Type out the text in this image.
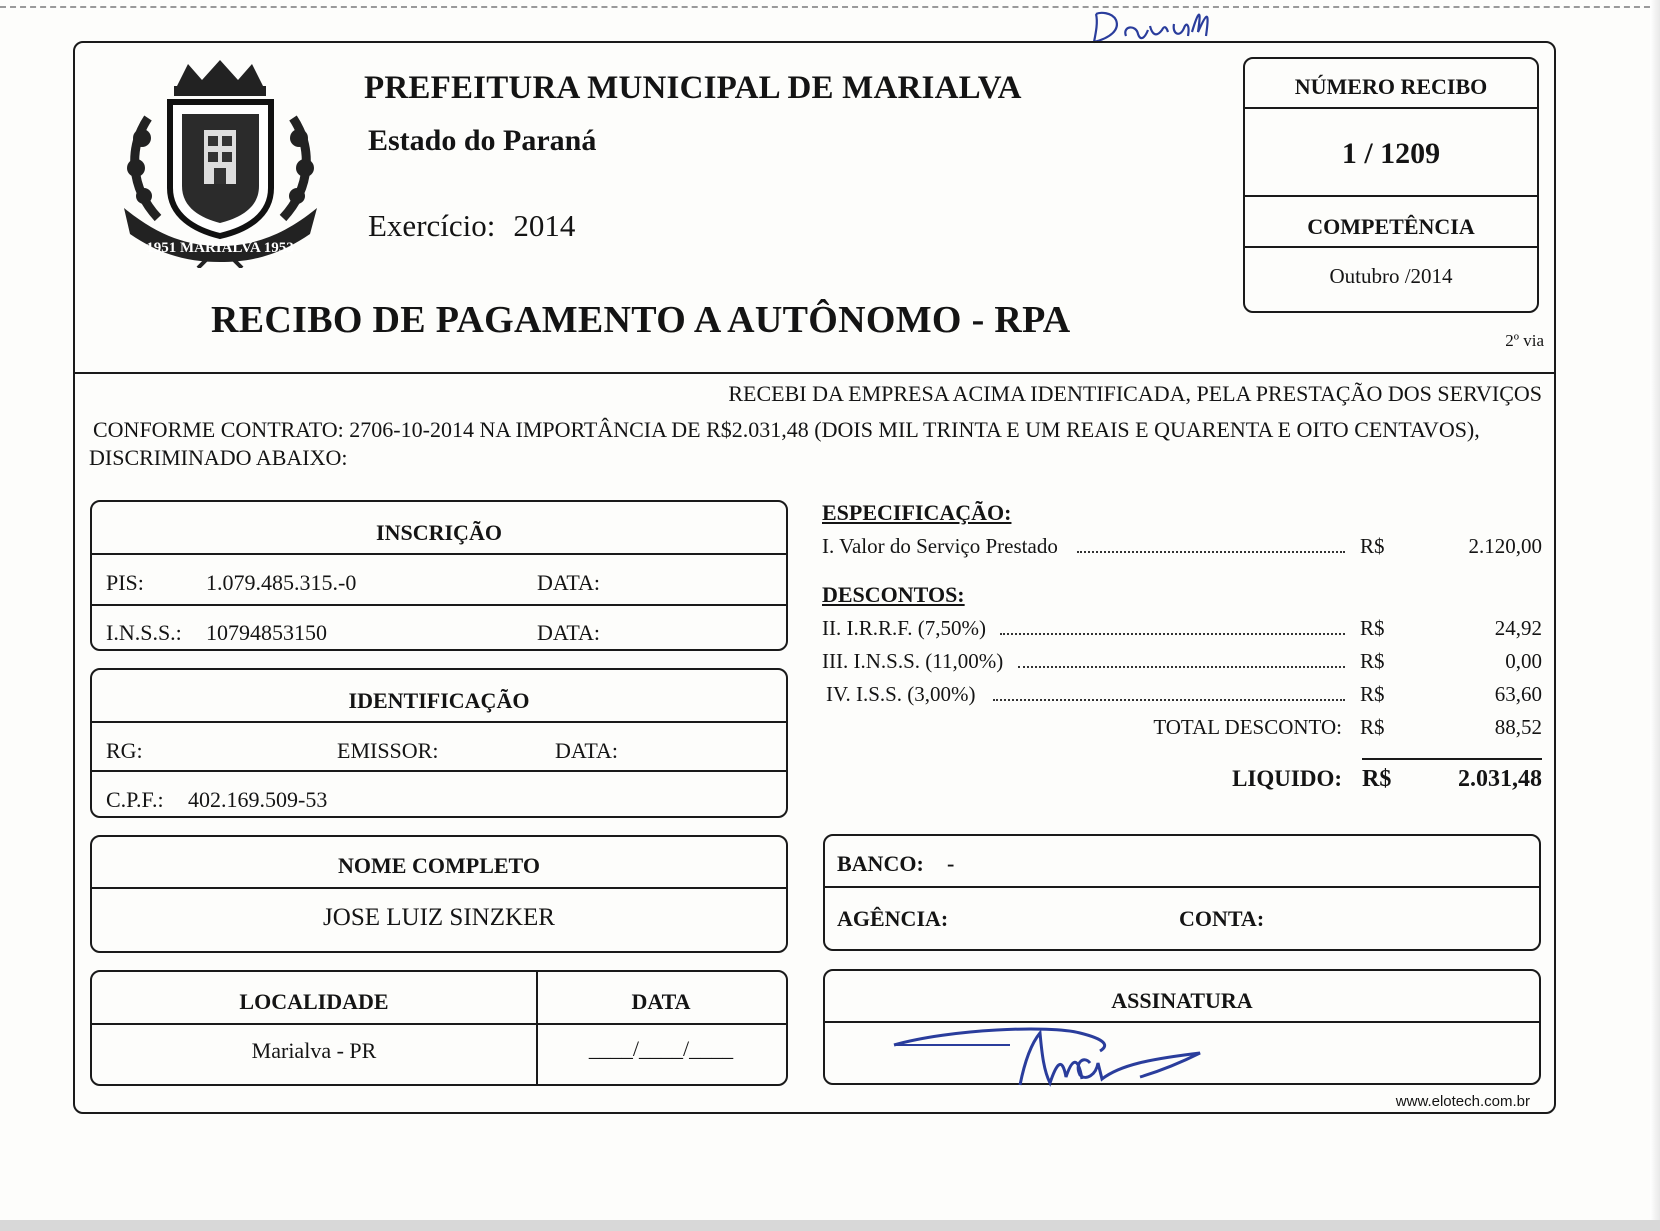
1951 MARIALVA 1953
PREFEITURA MUNICIPAL DE MARIALVA
Estado do Paraná
Exercício: 2014
RECIBO DE PAGAMENTO A AUTÔNOMO - RPA
NÚMERO RECIBO
1 / 1209
COMPETÊNCIA
Outubro /2014
2º via
RECEBI DA EMPRESA ACIMA IDENTIFICADA, PELA PRESTAÇÃO DOS SERVIÇOS
CONFORME CONTRATO: 2706-10-2014 NA IMPORTÂNCIA DE R$2.031,48 (DOIS MIL TRINTA E UM REAIS E QUARENTA E OITO CENTAVOS),
DISCRIMINADO ABAIXO:
INSCRIÇÃO
PIS:	1.079.485.315.-0	DATA:
I.N.S.S.: 10794853150	DATA:
IDENTIFICAÇÃO
RG:	EMISSOR:	DATA:
C.P.F.: 402.169.509-53
NOME COMPLETO
JOSE LUIZ SINZKER
LOCALIDADE	DATA
Marialva - PR	____/____/____
ESPECIFICAÇÃO:
I. Valor do Serviço Prestado	R$	2.120,00
DESCONTOS:
II. I.R.R.F. (7,50%)	R$	24,92
III. I.N.S.S. (11,00%)	R$	0,00
IV. I.S.S. (3,00%)	R$	63,60
TOTAL DESCONTO: R$	88,52
LIQUIDO: R$	2.031,48
BANCO: -
AGÊNCIA:	CONTA:
ASSINATURA
www.elotech.com.br
